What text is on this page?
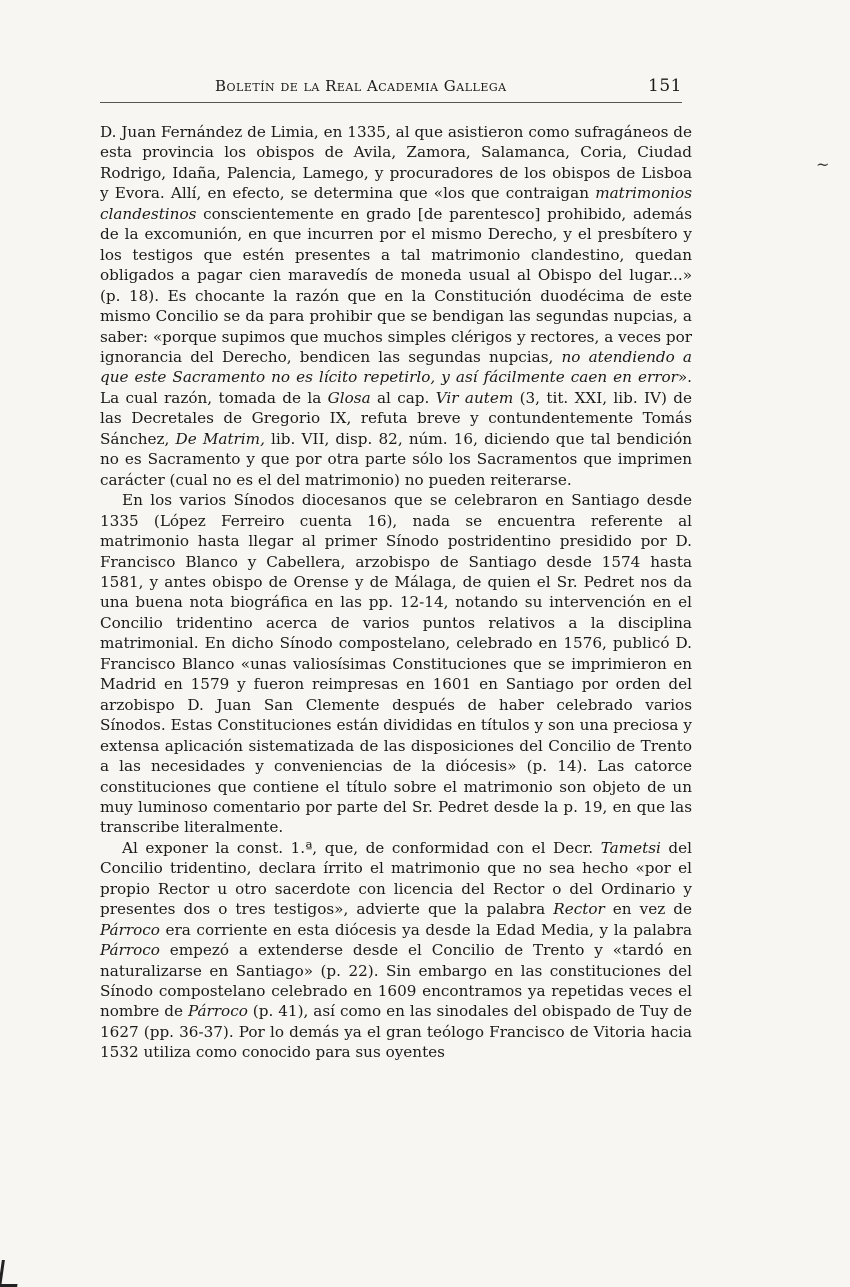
Boletín de la Real Academia Gallega	151

D. Juan Fernández de Limia, en 1335, al que asistieron como sufragáneos de esta provincia los obispos de Avila, Zamora, Salamanca, Coria, Ciudad Rodrigo, Idaña, Palencia, Lamego, y procuradores de los obispos de Lisboa y Evora. Allí, en efecto, se determina que «los que contraigan matrimonios clandestinos conscientemente en grado [de parentesco] prohibido, además de la excomunión, en que incurren por el mismo Derecho, y el presbítero y los testigos que estén presentes a tal matrimonio clandestino, quedan obligados a pagar cien maravedís de moneda usual al Obispo del lugar...» (p. 18). Es chocante la razón que en la Constitución duodécima de este mismo Concilio se da para prohibir que se bendigan las segundas nupcias, a saber: «porque supimos que muchos simples clérigos y rectores, a veces por ignorancia del Derecho, bendicen las segundas nupcias, no atendiendo a que este Sacramento no es lícito repetirlo, y así fácilmente caen en error». La cual razón, tomada de la Glosa al cap. Vir autem (3, tit. XXI, lib. IV) de las Decretales de Gregorio IX, refuta breve y contundentemente Tomás Sánchez, De Matrim, lib. VII, disp. 82, núm. 16, diciendo que tal bendición no es Sacramento y que por otra parte sólo los Sacramentos que imprimen carácter (cual no es el del matrimonio) no pueden reiterarse.

En los varios Sínodos diocesanos que se celebraron en Santiago desde 1335 (López Ferreiro cuenta 16), nada se encuentra referente al matrimonio hasta llegar al primer Sínodo postridentino presidido por D. Francisco Blanco y Cabellera, arzobispo de Santiago desde 1574 hasta 1581, y antes obispo de Orense y de Málaga, de quien el Sr. Pedret nos da una buena nota biográfica en las pp. 12-14, notando su intervención en el Concilio tridentino acerca de varios puntos relativos a la disciplina matrimonial. En dicho Sínodo compostelano, celebrado en 1576, publicó D. Francisco Blanco «unas valiosísimas Constituciones que se imprimieron en Madrid en 1579 y fueron reimpresas en 1601 en Santiago por orden del arzobispo D. Juan San Clemente después de haber celebrado varios Sínodos. Estas Constituciones están divididas en títulos y son una preciosa y extensa aplicación sistematizada de las disposiciones del Concilio de Trento a las necesidades y conveniencias de la diócesis» (p. 14). Las catorce constituciones que contiene el título sobre el matrimonio son objeto de un muy luminoso comentario por parte del Sr. Pedret desde la p. 19, en que las transcribe literalmente.

Al exponer la const. 1.ª, que, de conformidad con el Decr. Tametsi del Concilio tridentino, declara írrito el matrimonio que no sea hecho «por el propio Rector u otro sacerdote con licencia del Rector o del Ordinario y presentes dos o tres testigos», advierte que la palabra Rector en vez de Párroco era corriente en esta diócesis ya desde la Edad Media, y la palabra Párroco empezó a extenderse desde el Concilio de Trento y «tardó en naturalizarse en Santiago» (p. 22). Sin embargo en las constituciones del Sínodo compostelano celebrado en 1609 encontramos ya repetidas veces el nombre de Párroco (p. 41), así como en las sinodales del obispado de Tuy de 1627 (pp. 36-37). Por lo demás ya el gran teólogo Francisco de Vitoria hacia 1532 utiliza como conocido para sus oyentes

~
